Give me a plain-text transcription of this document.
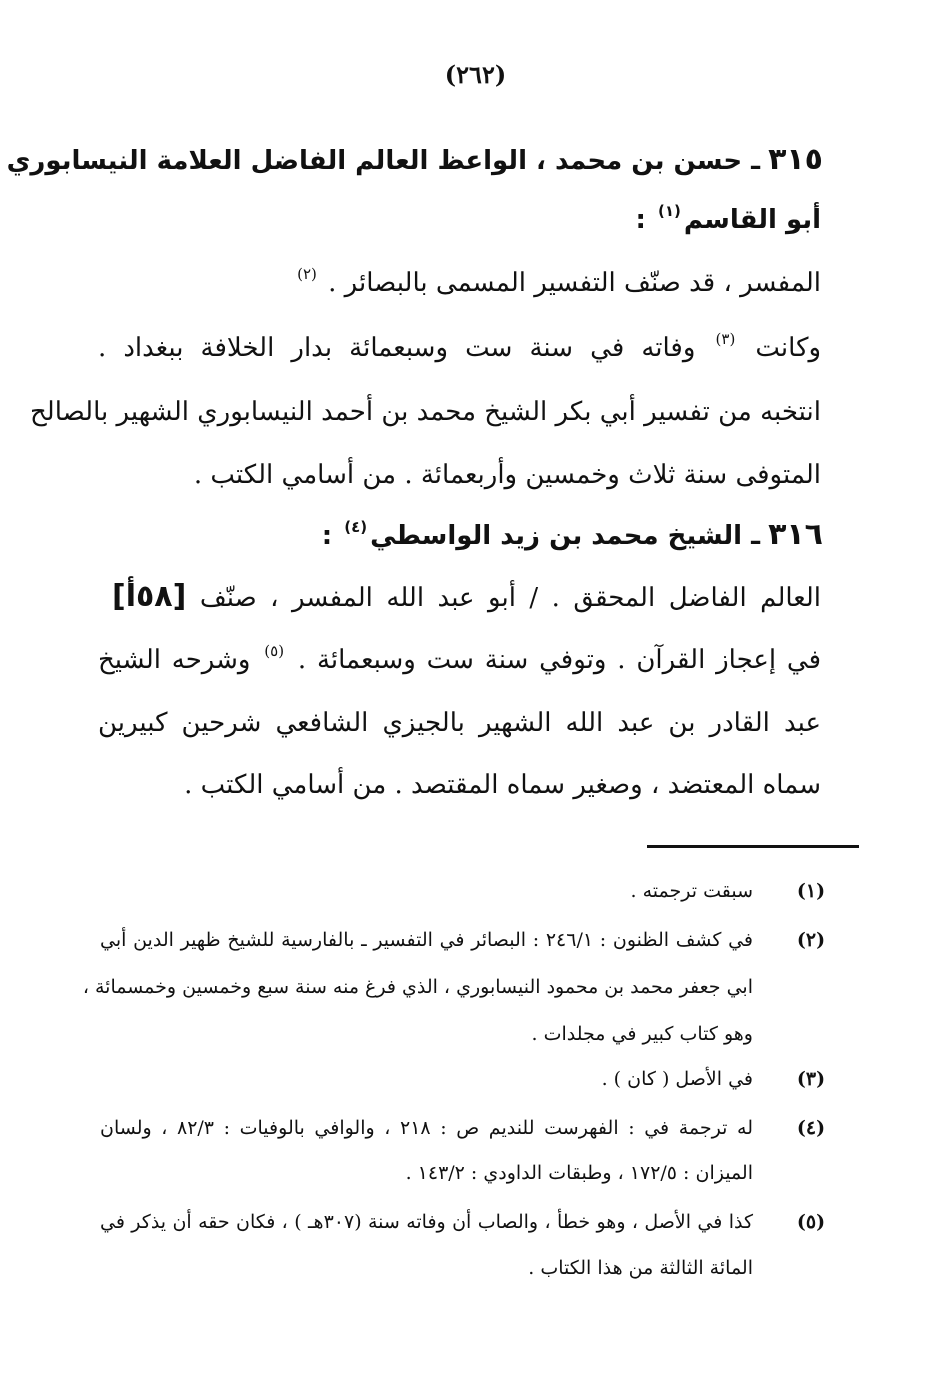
(٢٦٢)
٣١٥ـ حسن بن محمد ، الواعظ العالم الفاضل العلامة النيسابوري
أبو القاسم$^{(١)}$ :
المفسر ، قد صنّف التفسير المسمى بالبصائر . $^{(٢)}$
وكانت $^{(٣)}$ وفاته في سنة ست وسبعمائة بدار الخلافة ببغداد .
انتخبه من تفسير أبي بكر الشيخ محمد بن أحمد النيسابوري الشهير بالصالح
المتوفى سنة ثلاث وخمسين وأربعمائة . من أسامي الكتب .
٣١٦ـ الشيخ محمد بن زيد الواسطي$^{(٤)}$ :
العالم الفاضل المحقق . / أبو عبد الله المفسر ، صنّف [٥٨أ]
في إعجاز القرآن . وتوفي سنة ست وسبعمائة . $^{(٥)}$ وشرحه الشيخ
عبد القادر بن عبد الله الشهير بالجيزي الشافعي شرحين كبيرين
سماه المعتضد ، وصغير سماه المقتصد . من أسامي الكتب .
(١)
سبقت ترجمته .
(٢)
في كشف الظنون : ٢٤٦/١ : البصائر في التفسير ـ بالفارسية للشيخ ظهير الدين أبي
ابي جعفر محمد بن محمود النيسابوري ، الذي فرغ منه سنة سبع وخمسين وخمسمائة ،
وهو كتاب كبير في مجلدات .
(٣)
في الأصل ( كان ) .
(٤)
له ترجمة في : الفهرست للنديم ص : ٢١٨ ، والوافي بالوفيات : ٨٢/٣ ، ولسان
الميزان : ١٧٢/٥ ، وطبقات الداودي : ١٤٣/٢ .
(٥)
كذا في الأصل ، وهو خطأ ، والصاب أن وفاته سنة (٣٠٧هـ ) ، فكان حقه أن يذكر في
المائة الثالثة من هذا الكتاب .
